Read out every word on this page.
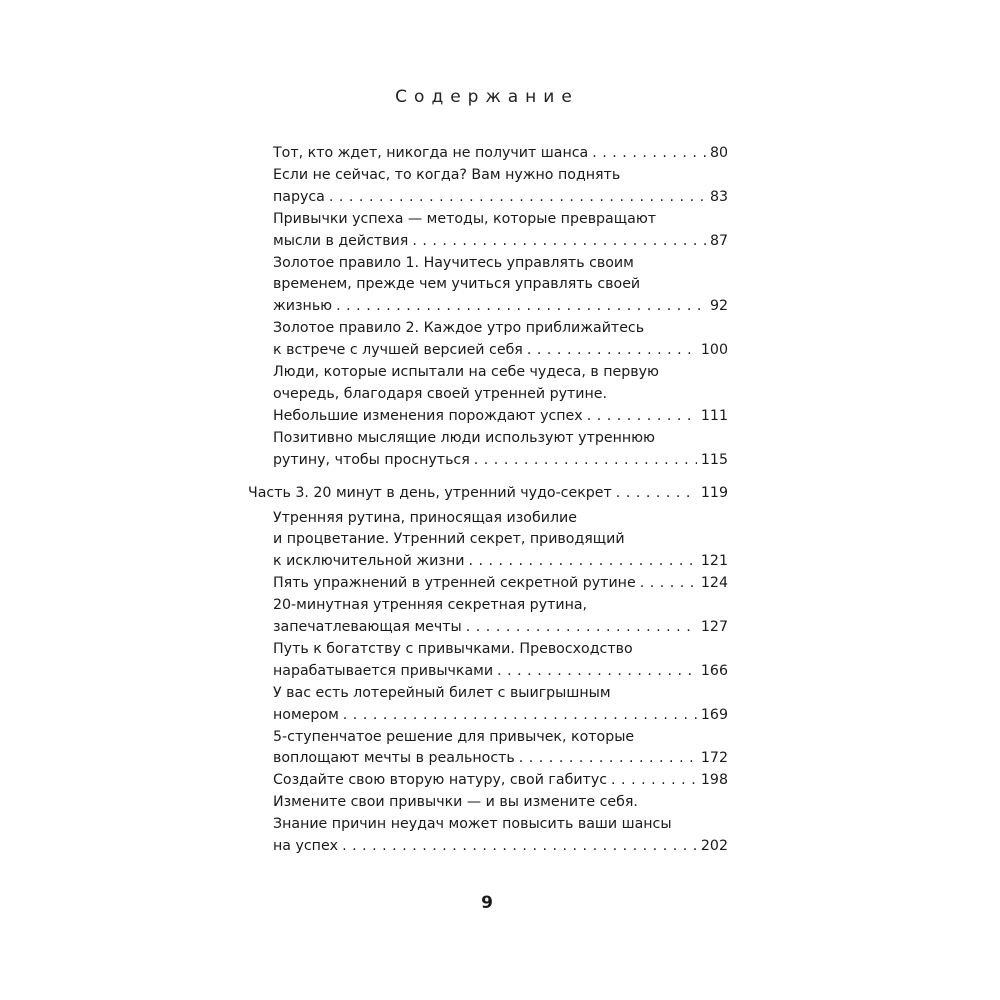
Содержание
Тот, кто ждет, никогда не получит шанса . . .	80
Если не сейчас, то когда? Вам нужно поднять
паруса . . .	83
Привычки успеха — методы, которые превращают
мысли в действия . . .	87
Золотое правило 1. Научитесь управлять своим
временем, прежде чем учиться управлять своей
жизнью . . .	92
Золотое правило 2. Каждое утро приближайтесь
к встрече с лучшей версией себя . . .	100
Люди, которые испытали на себе чудеса, в первую
очередь, благодаря своей утренней рутине.
Небольшие изменения порождают успех . . .	111
Позитивно мыслящие люди используют утреннюю
рутину, чтобы проснуться . . .	115
Часть 3. 20 минут в день, утренний чудо-секрет . . .	119
Утренняя рутина, приносящая изобилие
и процветание. Утренний секрет, приводящий
к исключительной жизни . . .	121
Пять упражнений в утренней секретной рутине . . .	124
20-минутная утренняя секретная рутина,
запечатлевающая мечты . . .	127
Путь к богатству с привычками. Превосходство
нарабатывается привычками . . .	166
У вас есть лотерейный билет с выигрышным
номером . . .	169
5-ступенчатое решение для привычек, которые
воплощают мечты в реальность . . .	172
Создайте свою вторую натуру, свой габитус . . .	198
Измените свои привычки — и вы измените себя.
Знание причин неудач может повысить ваши шансы
на успех . . .	202
9
